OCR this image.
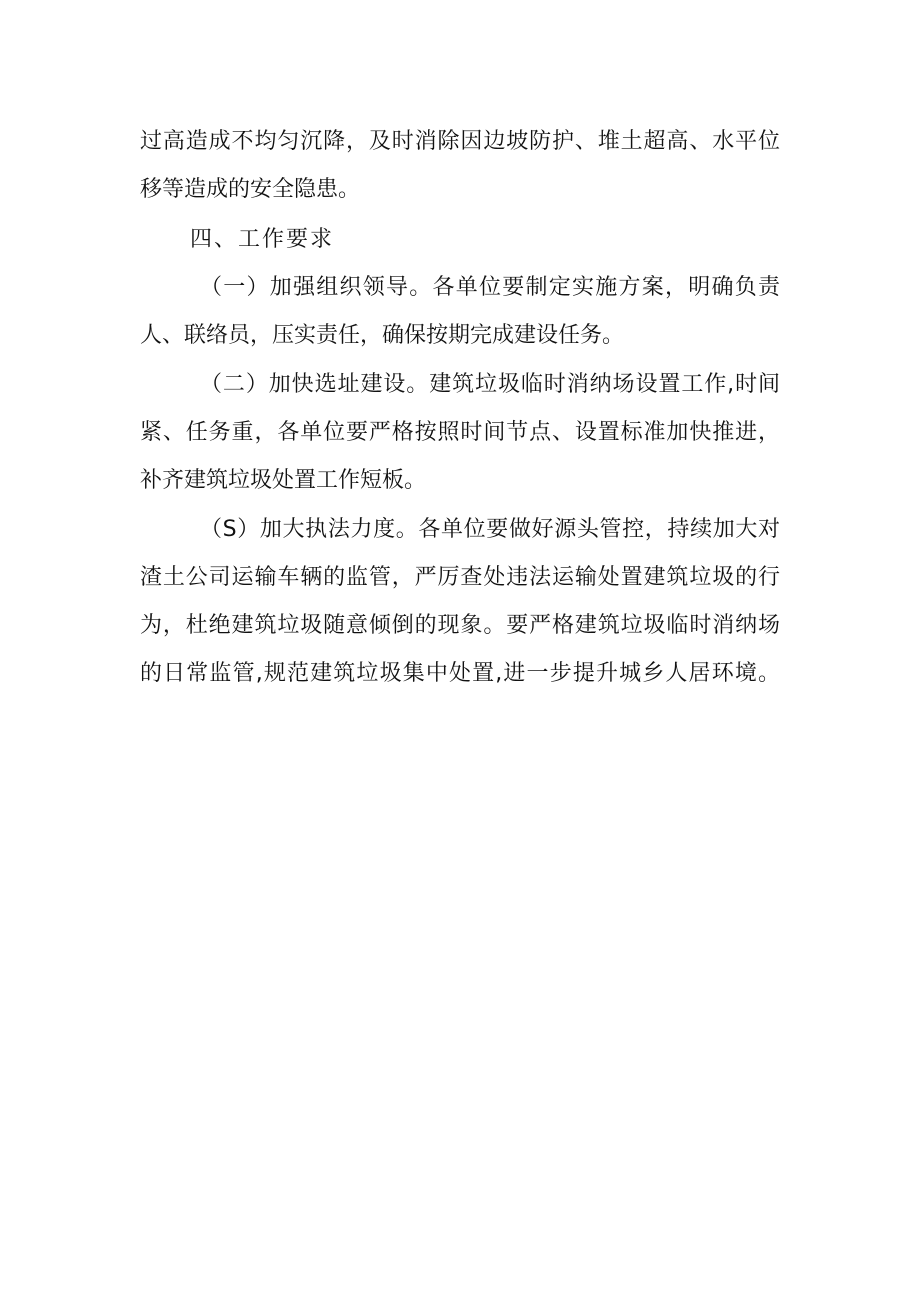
过高造成不均匀沉降，及时消除因边坡防护、堆土超高、水平位
移等造成的安全隐患。
四、工作要求
（一）加强组织领导。各单位要制定实施方案，明确负责
人、联络员，压实责任，确保按期完成建设任务。
（二）加快选址建设。建筑垃圾临时消纳场设置工作,时间
紧、任务重，各单位要严格按照时间节点、设置标准加快推进，
补齐建筑垃圾处置工作短板。
（S）加大执法力度。各单位要做好源头管控，持续加大对
渣土公司运输车辆的监管，严厉查处违法运输处置建筑垃圾的行
为，杜绝建筑垃圾随意倾倒的现象。要严格建筑垃圾临时消纳场
的日常监管,规范建筑垃圾集中处置,进一步提升城乡人居环境。
